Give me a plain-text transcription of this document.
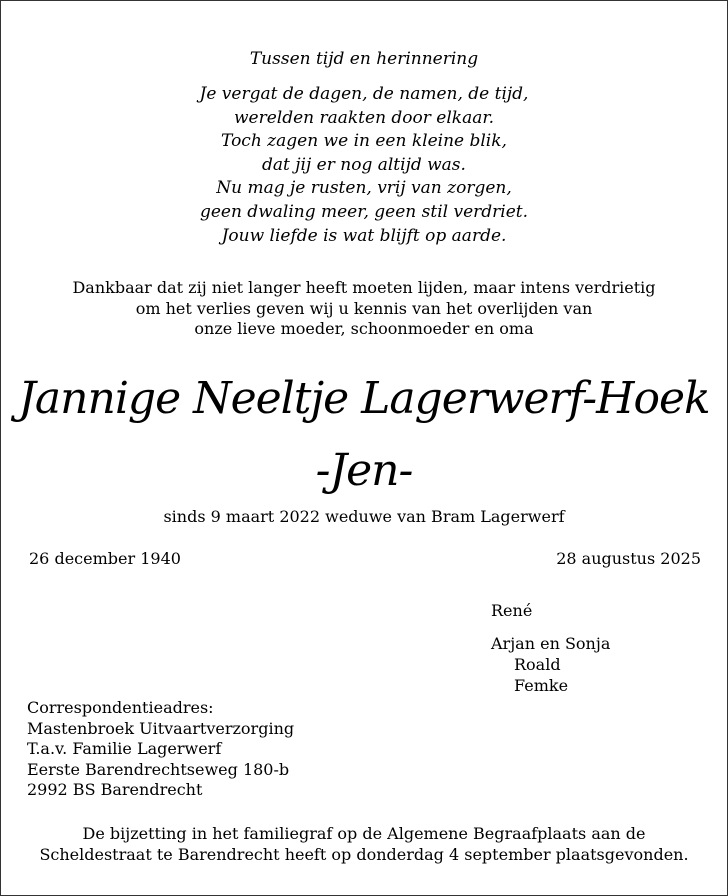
Tussen tijd en herinnering
Je vergat de dagen, de namen, de tijd,
werelden raakten door elkaar.
Toch zagen we in een kleine blik,
dat jij er nog altijd was.
Nu mag je rusten, vrij van zorgen,
geen dwaling meer, geen stil verdriet.
Jouw liefde is wat blijft op aarde.
Dankbaar dat zij niet langer heeft moeten lijden, maar intens verdrietig
om het verlies geven wij u kennis van het overlijden van
onze lieve moeder, schoonmoeder en oma
Jannige Neeltje Lagerwerf-Hoek
-Jen-
sinds 9 maart 2022 weduwe van Bram Lagerwerf
26 december 1940	28 augustus 2025
René
Arjan en Sonja
Roald
Femke
Correspondentieadres:
Mastenbroek Uitvaartverzorging
T.a.v. Familie Lagerwerf
Eerste Barendrechtseweg 180-b
2992 BS Barendrecht
De bijzetting in het familiegraf op de Algemene Begraafplaats aan de
Scheldestraat te Barendrecht heeft op donderdag 4 september plaatsgevonden.
